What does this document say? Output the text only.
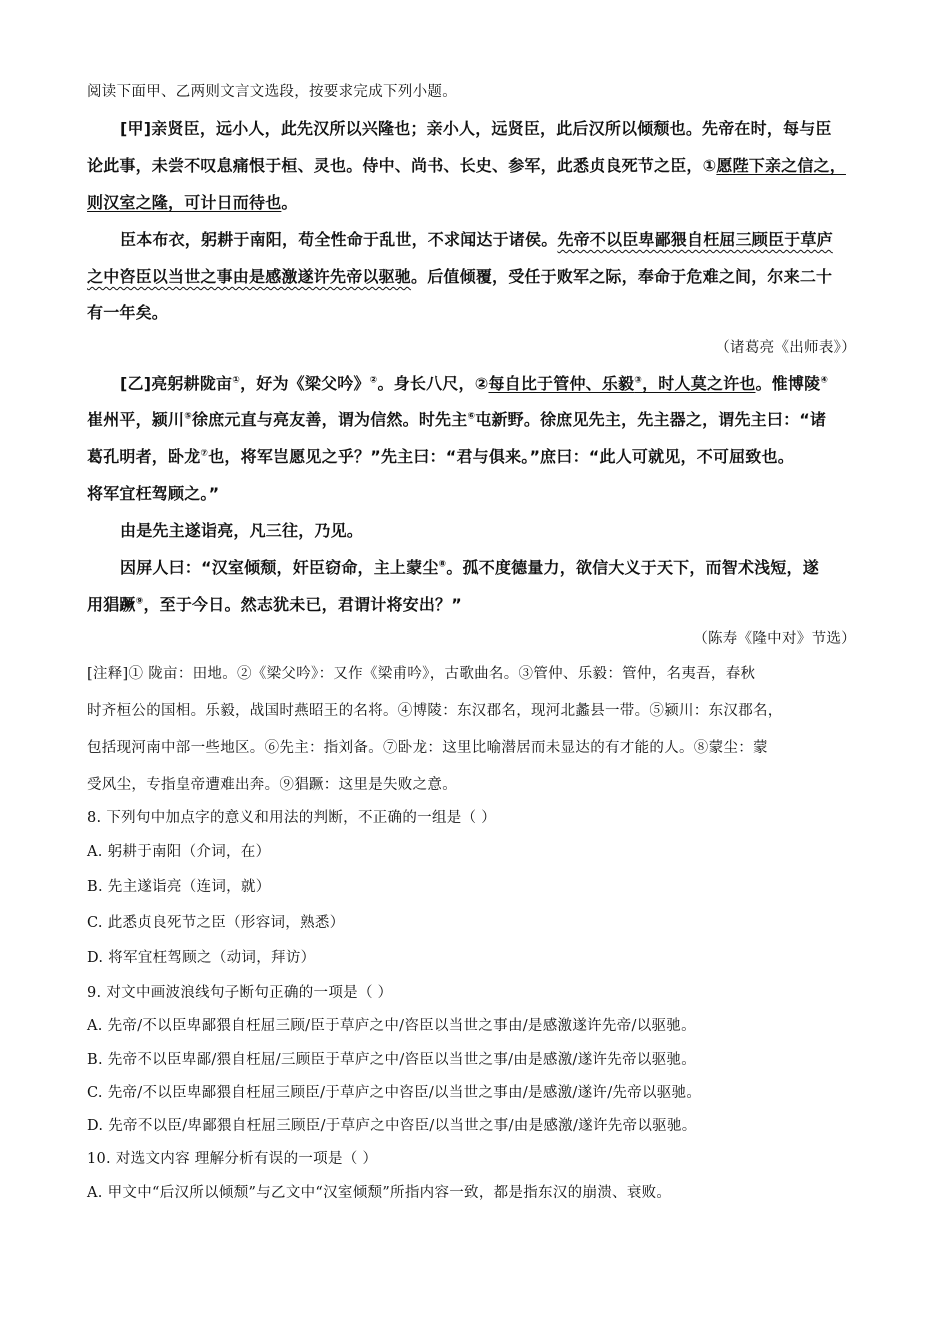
阅读下面甲、乙两则文言文选段，按要求完成下列小题。
[甲]亲贤臣，远小人，此先汉所以兴隆也；亲小人，远贤臣，此后汉所以倾颓也。先帝在时，每与臣
论此事，未尝不叹息痛恨于桓、灵也。侍中、尚书、长史、参军，此悉贞良死节之臣，①愿陛下亲之信之，
则汉室之隆，可计日而待也。
臣本布衣，躬耕于南阳，苟全性命于乱世，不求闻达于诸侯。先帝不以臣卑鄙猥自枉屈三顾臣于草庐
之中咨臣以当世之事由是感激遂许先帝以驱驰。后值倾覆，受任于败军之际，奉命于危难之间，尔来二十
有一年矣。
（诸葛亮《出师表》）
[乙]亮躬耕陇亩①，好为《梁父吟》②。身长八尺，②每自比于管仲、乐毅③，时人莫之许也。惟博陵④
崔州平，颍川⑤徐庶元直与亮友善，谓为信然。时先主⑥屯新野。徐庶见先主，先主器之，谓先主曰：“诸
葛孔明者，卧龙⑦也，将军岂愿见之乎？”先主曰：“君与俱来。”庶曰：“此人可就见，不可屈致也。
将军宜枉驾顾之。”
由是先主遂诣亮，凡三往，乃见。
因屏人曰：“汉室倾颓，奸臣窃命，主上蒙尘⑧。孤不度德量力，欲信大义于天下，而智术浅短，遂
用猖蹶⑨，至于今日。然志犹未已，君谓计将安出？”
（陈寿《隆中对》节选）
[注释]① 陇亩：田地。②《梁父吟》：又作《梁甫吟》，古歌曲名。③管仲、乐毅：管仲，名夷吾，春秋
时齐桓公的国相。乐毅，战国时燕昭王的名将。④博陵：东汉郡名，现河北蠡县一带。⑤颍川：东汉郡名，
包括现河南中部一些地区。⑥先主：指刘备。⑦卧龙：这里比喻潜居而未显达的有才能的人。⑧蒙尘：蒙
受风尘，专指皇帝遭难出奔。⑨猖蹶：这里是失败之意。
8. 下列句中加点字的意义和用法的判断，不正确的一组是（ ）
A. 躬耕于南阳（介词，在）
B. 先主遂诣亮（连词，就）
C. 此悉贞良死节之臣（形容词，熟悉）
D. 将军宜枉驾顾之（动词，拜访）
9. 对文中画波浪线句子断句正确的一项是（ ）
A. 先帝/不以臣卑鄙猥自枉屈三顾/臣于草庐之中/咨臣以当世之事由/是感激遂许先帝/以驱驰。
B. 先帝不以臣卑鄙/猥自枉屈/三顾臣于草庐之中/咨臣以当世之事/由是感激/遂许先帝以驱驰。
C. 先帝/不以臣卑鄙猥自枉屈三顾臣/于草庐之中咨臣/以当世之事由/是感激/遂许/先帝以驱驰。
D. 先帝不以臣/卑鄙猥自枉屈三顾臣/于草庐之中咨臣/以当世之事/由是感激/遂许先帝以驱驰。
10. 对选文内容 理解分析有误的一项是（ ）
A. 甲文中“后汉所以倾颓”与乙文中“汉室倾颓”所指内容一致，都是指东汉的崩溃、衰败。
